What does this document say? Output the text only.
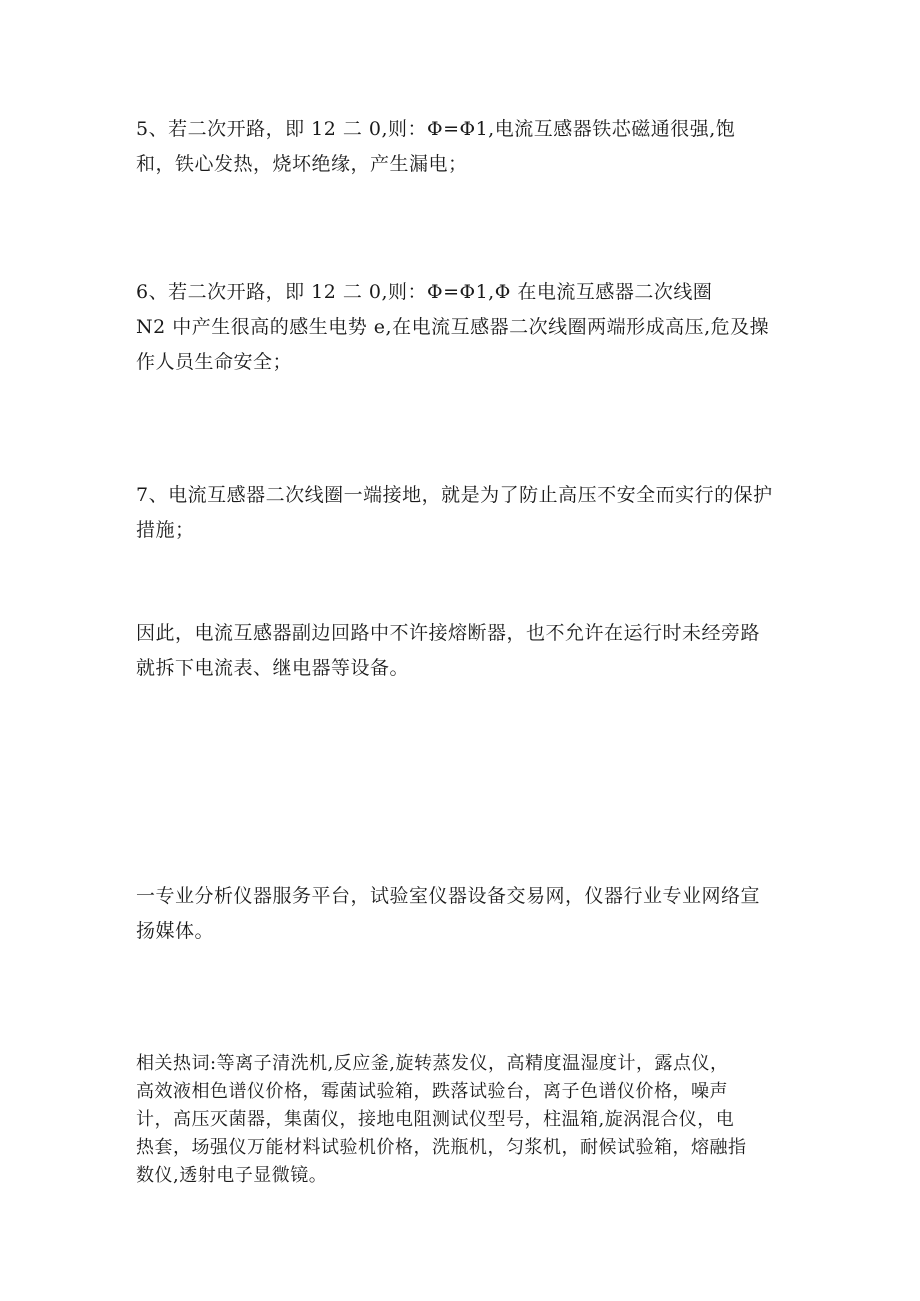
5、若二次开路，即 12 二 0,则：Φ=Φ1,电流互感器铁芯磁通很强,饱
和，铁心发热，烧坏绝缘，产生漏电；

6、若二次开路，即 12 二 0,则：Φ=Φ1,Φ 在电流互感器二次线圈
N2 中产生很高的感生电势 e,在电流互感器二次线圈两端形成高压,危及操
作人员生命安全；

7、电流互感器二次线圈一端接地，就是为了防止高压不安全而实行的保护
措施；

因此，电流互感器副边回路中不许接熔断器，也不允许在运行时未经旁路
就拆下电流表、继电器等设备。

一专业分析仪器服务平台，试验室仪器设备交易网，仪器行业专业网络宣
扬媒体。

相关热词:等离子清洗机,反应釜,旋转蒸发仪，高精度温湿度计，露点仪，
高效液相色谱仪价格，霉菌试验箱，跌落试验台，离子色谱仪价格，噪声
计，高压灭菌器，集菌仪，接地电阻测试仪型号，柱温箱,旋涡混合仪，电
热套，场强仪万能材料试验机价格，洗瓶机，匀浆机，耐候试验箱，熔融指
数仪,透射电子显微镜。
